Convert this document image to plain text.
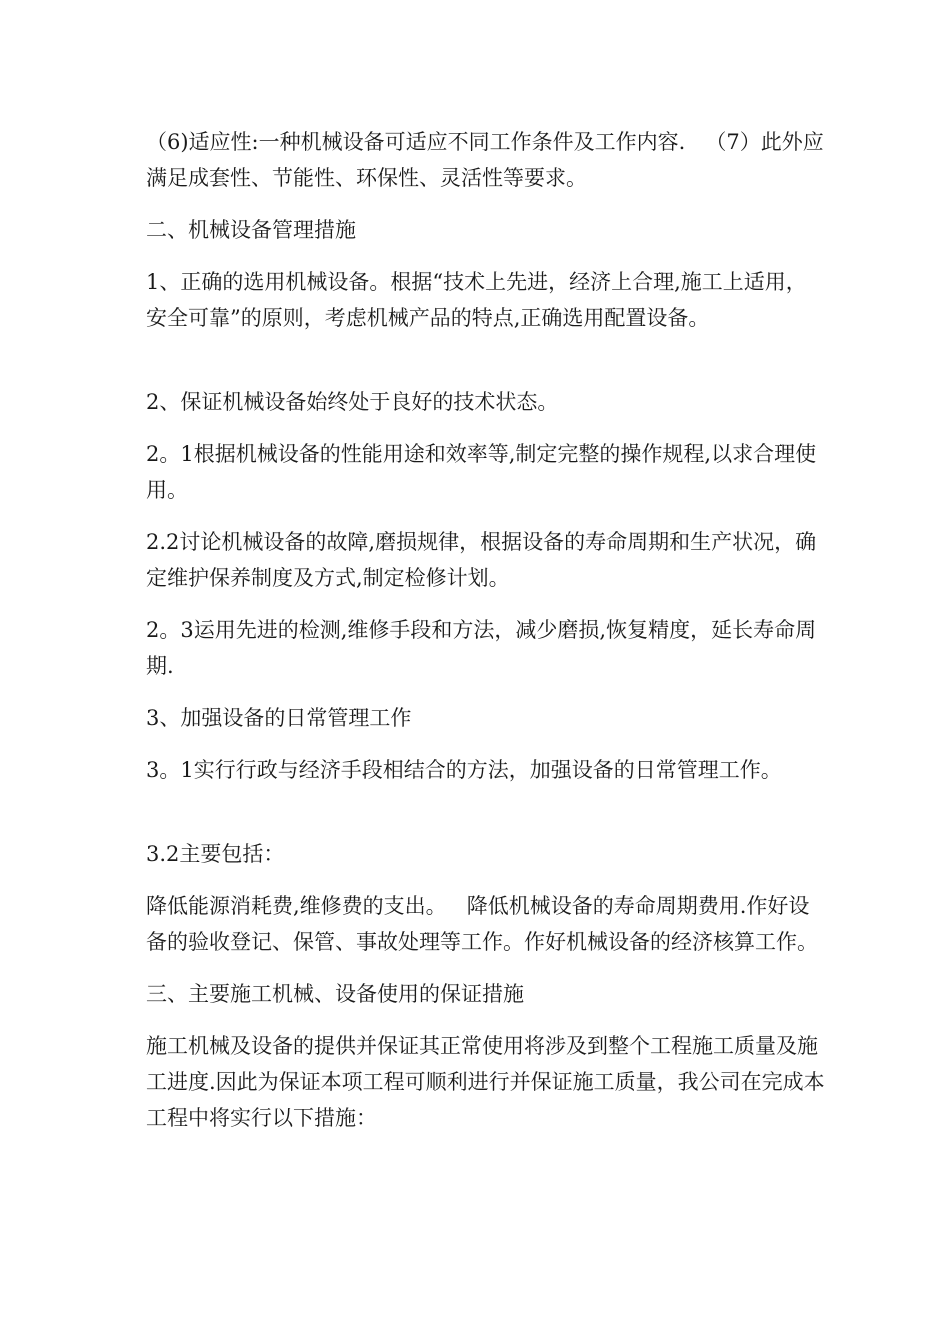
（6)适应性:一种机械设备可适应不同工作条件及工作内容.   （7）此外应满足成套性、节能性、环保性、灵活性等要求。

二、机械设备管理措施

1、正确的选用机械设备。根据“技术上先进，经济上合理,施工上适用，安全可靠”的原则，考虑机械产品的特点,正确选用配置设备。

2、保证机械设备始终处于良好的技术状态。

2。1根据机械设备的性能用途和效率等,制定完整的操作规程,以求合理使用。

2.2讨论机械设备的故障,磨损规律，根据设备的寿命周期和生产状况，确定维护保养制度及方式,制定检修计划。

2。3运用先进的检测,维修手段和方法，减少磨损,恢复精度，延长寿命周期.

3、加强设备的日常管理工作

3。1实行行政与经济手段相结合的方法，加强设备的日常管理工作。

3.2主要包括：

降低能源消耗费,维修费的支出。   降低机械设备的寿命周期费用.作好设备的验收登记、保管、事故处理等工作。作好机械设备的经济核算工作。

三、主要施工机械、设备使用的保证措施

施工机械及设备的提供并保证其正常使用将涉及到整个工程施工质量及施工进度.因此为保证本项工程可顺利进行并保证施工质量，我公司在完成本工程中将实行以下措施：
